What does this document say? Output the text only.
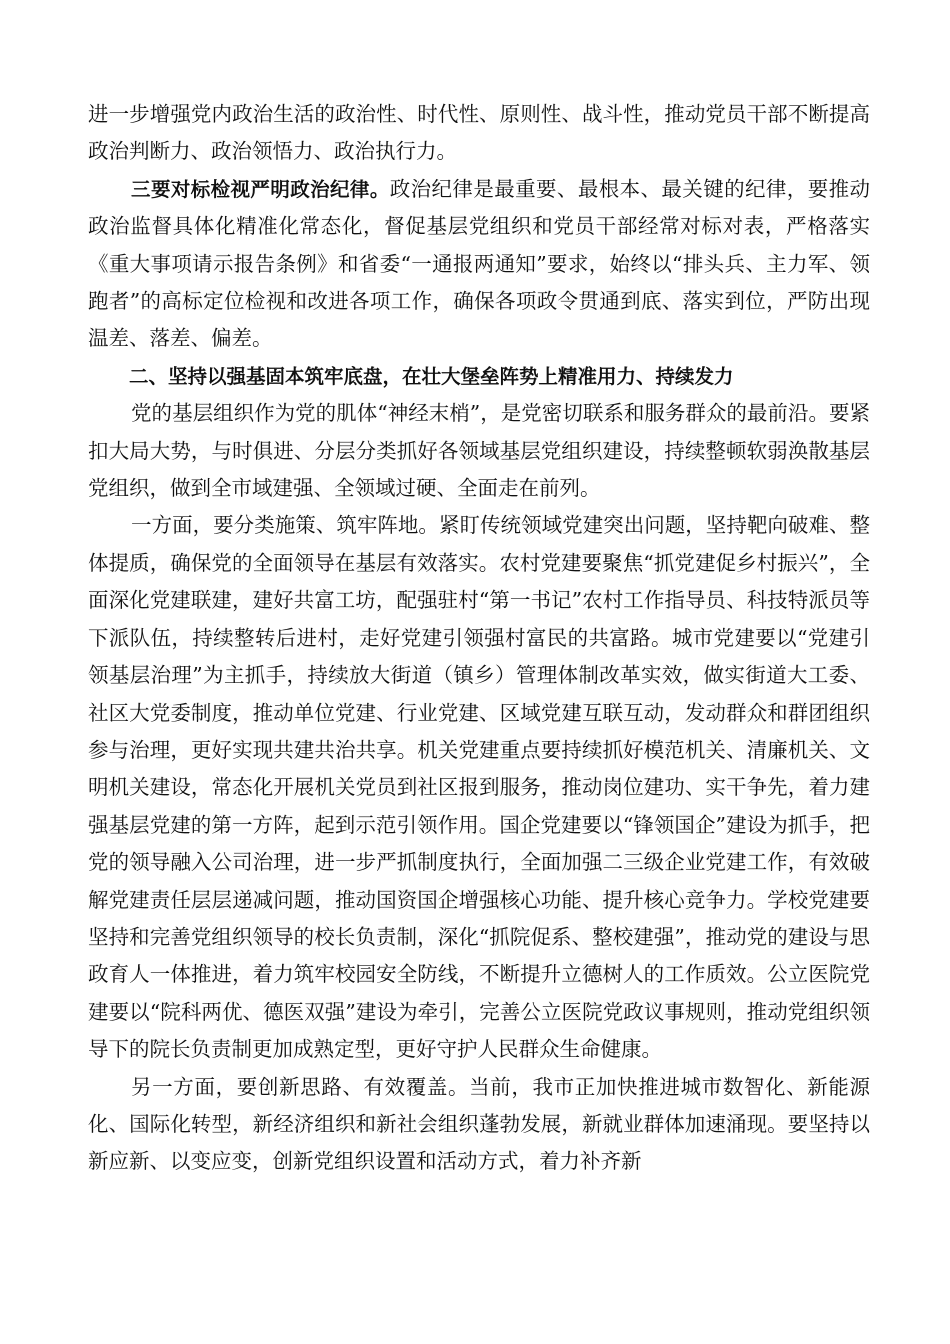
进一步增强党内政治生活的政治性、时代性、原则性、战斗性，推动党员干部不断提高政治判断力、政治领悟力、政治执行力。

三要对标检视严明政治纪律。政治纪律是最重要、最根本、最关键的纪律，要推动政治监督具体化精准化常态化，督促基层党组织和党员干部经常对标对表，严格落实《重大事项请示报告条例》和省委“一通报两通知”要求，始终以“排头兵、主力军、领跑者”的高标定位检视和改进各项工作，确保各项政令贯通到底、落实到位，严防出现温差、落差、偏差。

二、坚持以强基固本筑牢底盘，在壮大堡垒阵势上精准用力、持续发力

党的基层组织作为党的肌体“神经末梢”，是党密切联系和服务群众的最前沿。要紧扣大局大势，与时俱进、分层分类抓好各领域基层党组织建设，持续整顿软弱涣散基层党组织，做到全市域建强、全领域过硬、全面走在前列。

一方面，要分类施策、筑牢阵地。紧盯传统领域党建突出问题，坚持靶向破难、整体提质，确保党的全面领导在基层有效落实。农村党建要聚焦“抓党建促乡村振兴”，全面深化党建联建，建好共富工坊，配强驻村“第一书记”农村工作指导员、科技特派员等下派队伍，持续整转后进村，走好党建引领强村富民的共富路。城市党建要以“党建引领基层治理”为主抓手，持续放大街道（镇乡）管理体制改革实效，做实街道大工委、社区大党委制度，推动单位党建、行业党建、区域党建互联互动，发动群众和群团组织参与治理，更好实现共建共治共享。机关党建重点要持续抓好模范机关、清廉机关、文明机关建设，常态化开展机关党员到社区报到服务，推动岗位建功、实干争先，着力建强基层党建的第一方阵，起到示范引领作用。国企党建要以“锋领国企”建设为抓手，把党的领导融入公司治理，进一步严抓制度执行，全面加强二三级企业党建工作，有效破解党建责任层层递减问题，推动国资国企增强核心功能、提升核心竞争力。学校党建要坚持和完善党组织领导的校长负责制，深化“抓院促系、整校建强”，推动党的建设与思政育人一体推进，着力筑牢校园安全防线，不断提升立德树人的工作质效。公立医院党建要以“院科两优、德医双强”建设为牵引，完善公立医院党政议事规则，推动党组织领导下的院长负责制更加成熟定型，更好守护人民群众生命健康。

另一方面，要创新思路、有效覆盖。当前，我市正加快推进城市数智化、新能源化、国际化转型，新经济组织和新社会组织蓬勃发展，新就业群体加速涌现。要坚持以新应新、以变应变，创新党组织设置和活动方式，着力补齐新
